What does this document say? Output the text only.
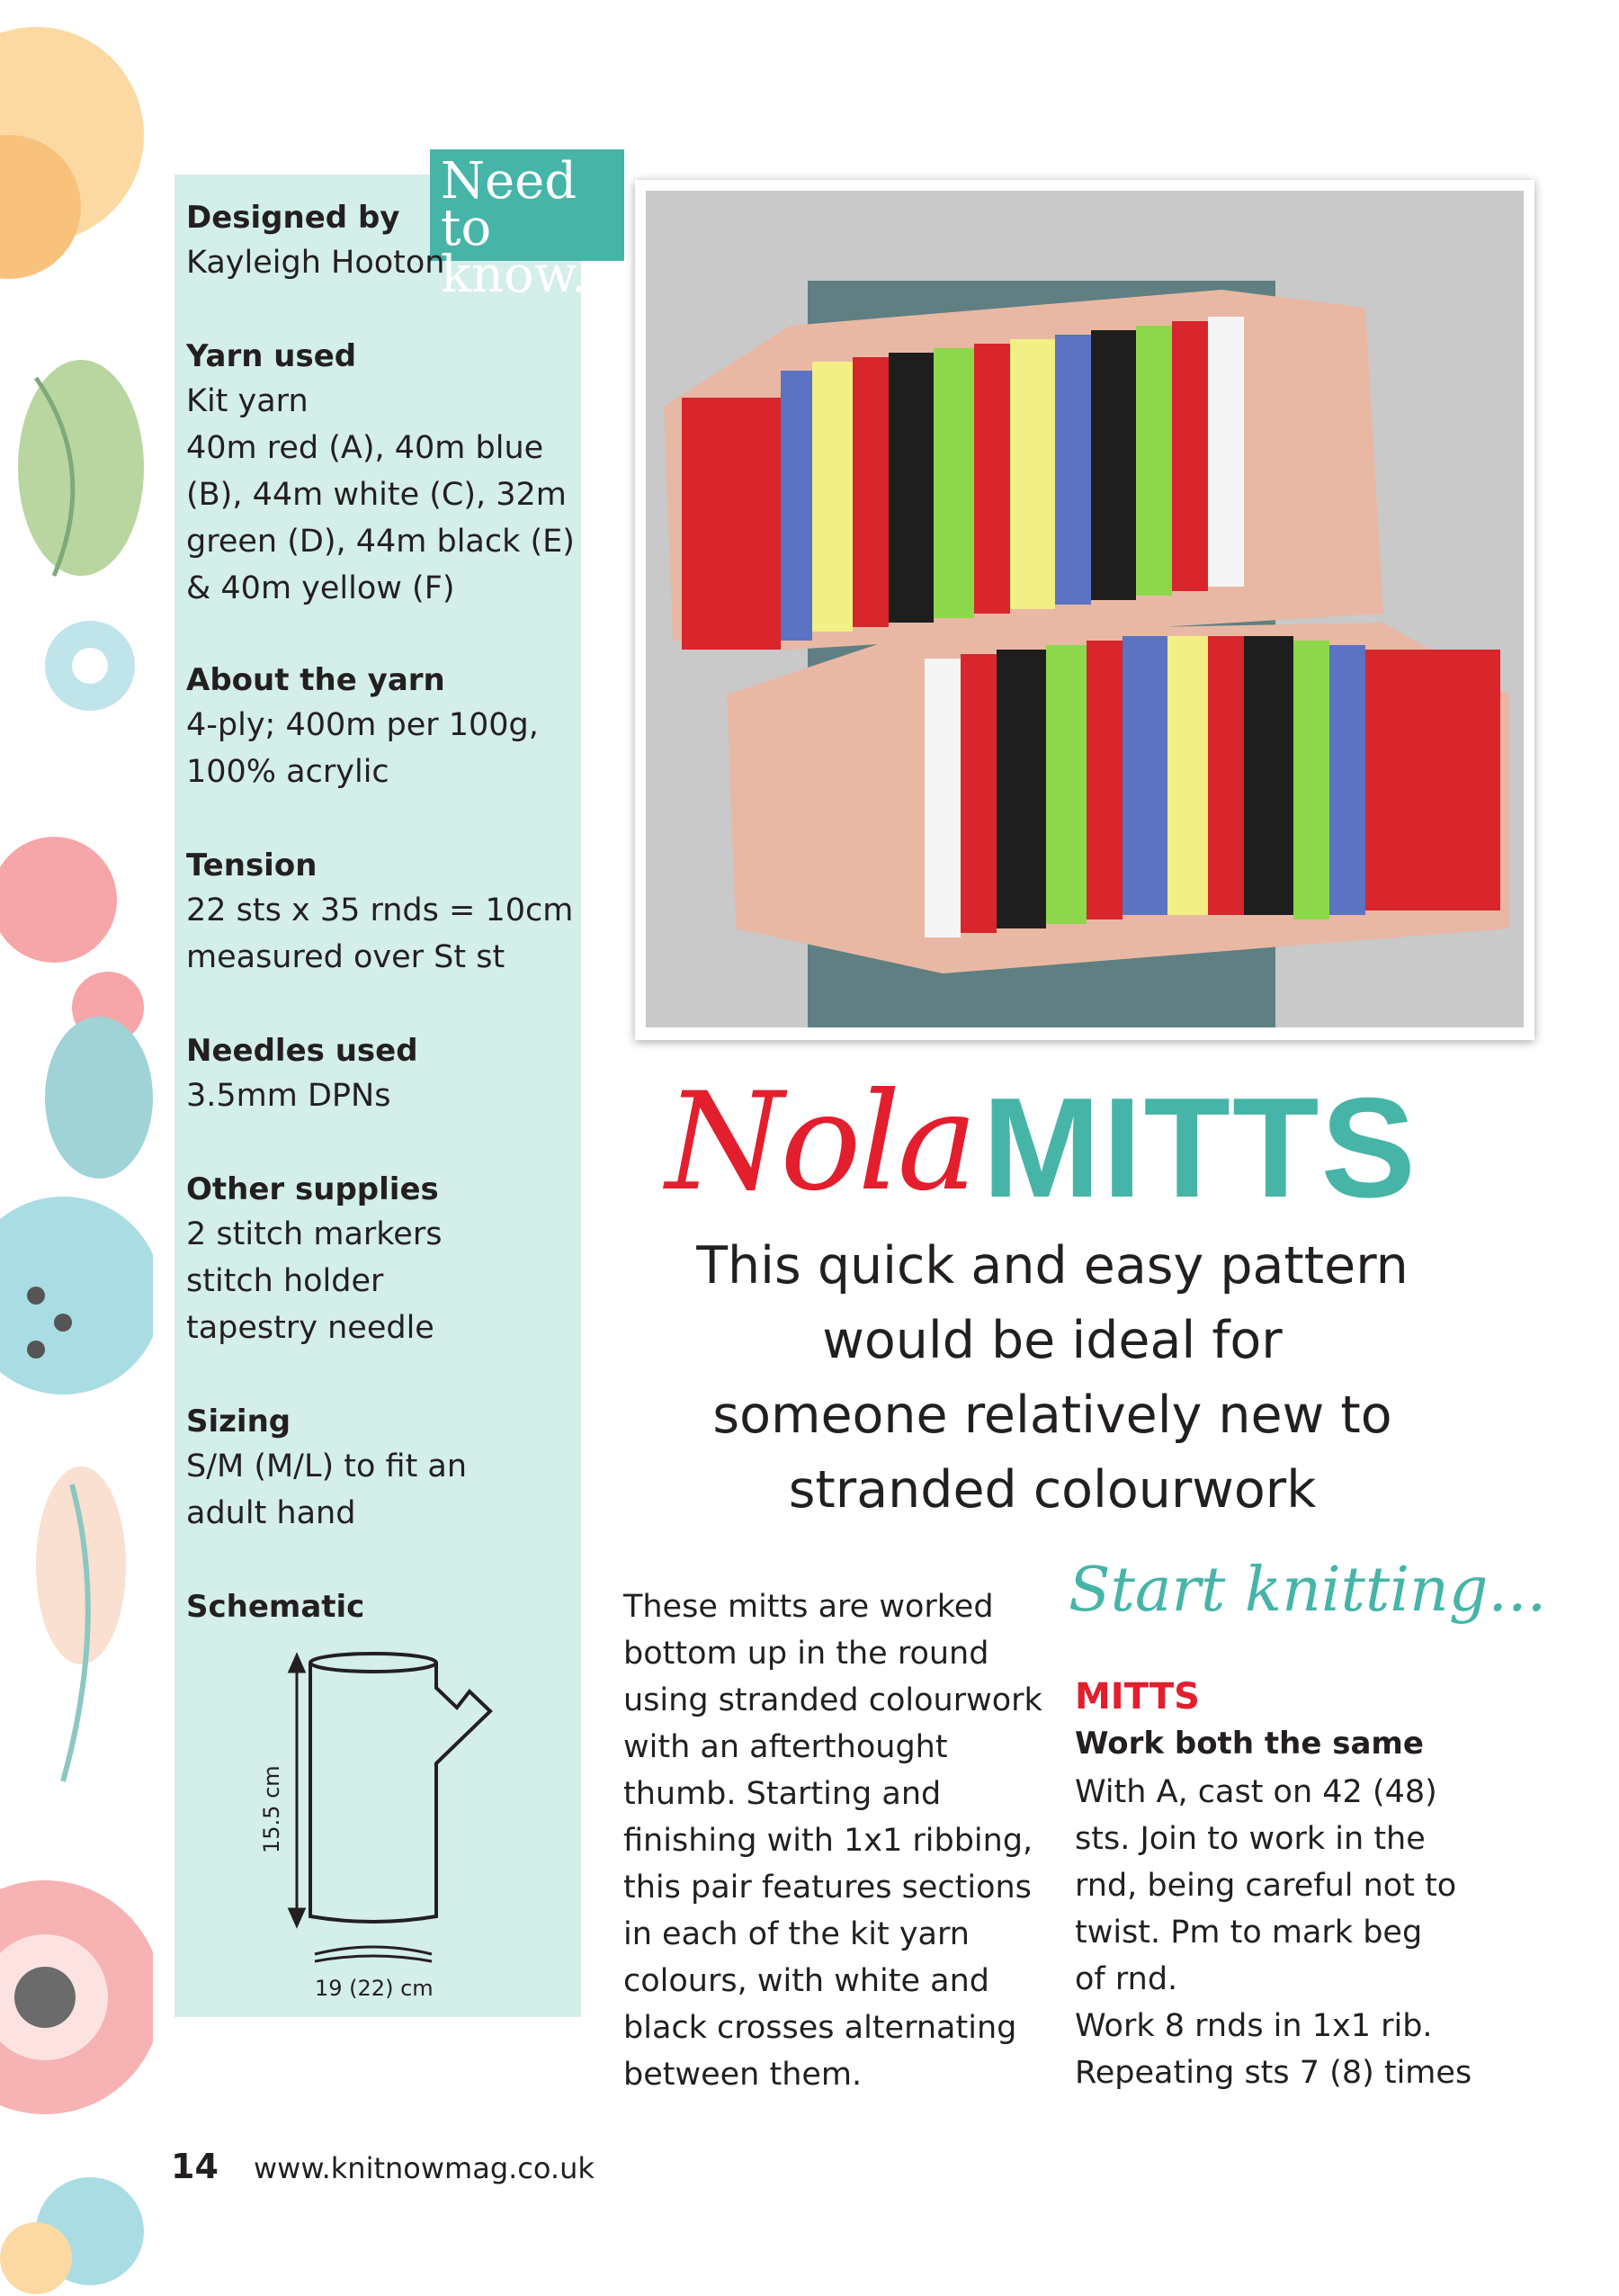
Need to
know...
Designed by
Kayleigh Hooton
Yarn used
Kit yarn
40m red (A), 40m blue
(B), 44m white (C), 32m
green (D), 44m black (E)
& 40m yellow (F)
About the yarn
4-ply; 400m per 100g,
100% acrylic
Tension
22 sts x 35 rnds = 10cm
measured over St st
Needles used
3.5mm DPNs
Other supplies
2 stitch markers
stitch holder
tapestry needle
Sizing
S/M (M/L) to fit an
adult hand
Schematic
15.5 cm
19 (22) cm
Nola MITTS
This quick and easy pattern
would be ideal for
someone relatively new to
stranded colourwork
These mitts are worked
bottom up in the round
using stranded colourwork
with an afterthought
thumb. Starting and
finishing with 1x1 ribbing,
this pair features sections
in each of the kit yarn
colours, with white and
black crosses alternating
between them.
Start knitting...
MITTS
Work both the same
With A, cast on 42 (48)
sts. Join to work in the
rnd, being careful not to
twist. Pm to mark beg
of rnd.
Work 8 rnds in 1x1 rib.
Repeating sts 7 (8) times
14 www.knitnowmag.co.uk
